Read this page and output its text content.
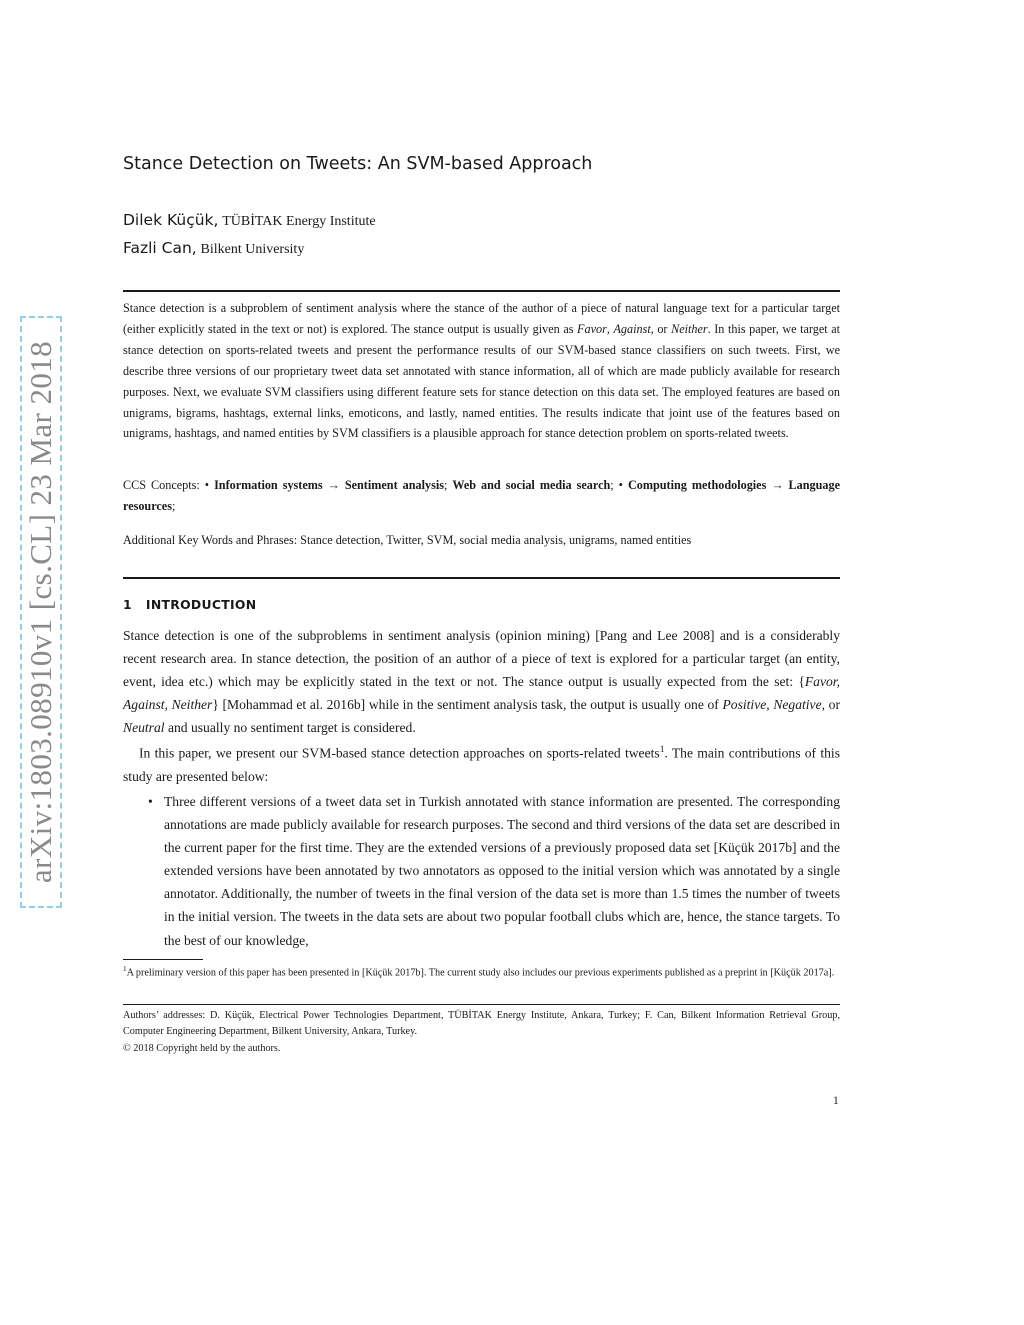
arXiv:1803.08910v1 [cs.CL] 23 Mar 2018
Stance Detection on Tweets: An SVM-based Approach
Dilek Küçük, TÜBİTAK Energy Institute
Fazli Can, Bilkent University

Stance detection is a subproblem of sentiment analysis where the stance of the author of a piece of natural language text for a particular target (either explicitly stated in the text or not) is explored. The stance output is usually given as Favor, Against, or Neither. In this paper, we target at stance detection on sports-related tweets and present the performance results of our SVM-based stance classifiers on such tweets. First, we describe three versions of our proprietary tweet data set annotated with stance information, all of which are made publicly available for research purposes. Next, we evaluate SVM classifiers using different feature sets for stance detection on this data set. The employed features are based on unigrams, bigrams, hashtags, external links, emoticons, and lastly, named entities. The results indicate that joint use of the features based on unigrams, hashtags, and named entities by SVM classifiers is a plausible approach for stance detection problem on sports-related tweets.

CCS Concepts: • Information systems → Sentiment analysis; Web and social media search; • Computing methodologies → Language resources;

Additional Key Words and Phrases: Stance detection, Twitter, SVM, social media analysis, unigrams, named entities

1 INTRODUCTION

Stance detection is one of the subproblems in sentiment analysis (opinion mining) [Pang and Lee 2008] and is a considerably recent research area. In stance detection, the position of an author of a piece of text is explored for a particular target (an entity, event, idea etc.) which may be explicitly stated in the text or not. The stance output is usually expected from the set: {Favor, Against, Neither} [Mohammad et al. 2016b] while in the sentiment analysis task, the output is usually one of Positive, Negative, or Neutral and usually no sentiment target is considered.

In this paper, we present our SVM-based stance detection approaches on sports-related tweets$^1$. The main contributions of this study are presented below:

• Three different versions of a tweet data set in Turkish annotated with stance information are presented. The corresponding annotations are made publicly available for research purposes. The second and third versions of the data set are described in the current paper for the first time. They are the extended versions of a previously proposed data set [Küçük 2017b] and the extended versions have been annotated by two annotators as opposed to the initial version which was annotated by a single annotator. Additionally, the number of tweets in the final version of the data set is more than 1.5 times the number of tweets in the initial version. The tweets in the data sets are about two popular football clubs which are, hence, the stance targets. To the best of our knowledge,

$^1$A preliminary version of this paper has been presented in [Küçük 2017b]. The current study also includes our previous experiments published as a preprint in [Küçük 2017a].

Authors’ addresses: D. Küçük, Electrical Power Technologies Department, TÜBİTAK Energy Institute, Ankara, Turkey; F. Can, Bilkent Information Retrieval Group, Computer Engineering Department, Bilkent University, Ankara, Turkey.

© 2018 Copyright held by the authors.
1
